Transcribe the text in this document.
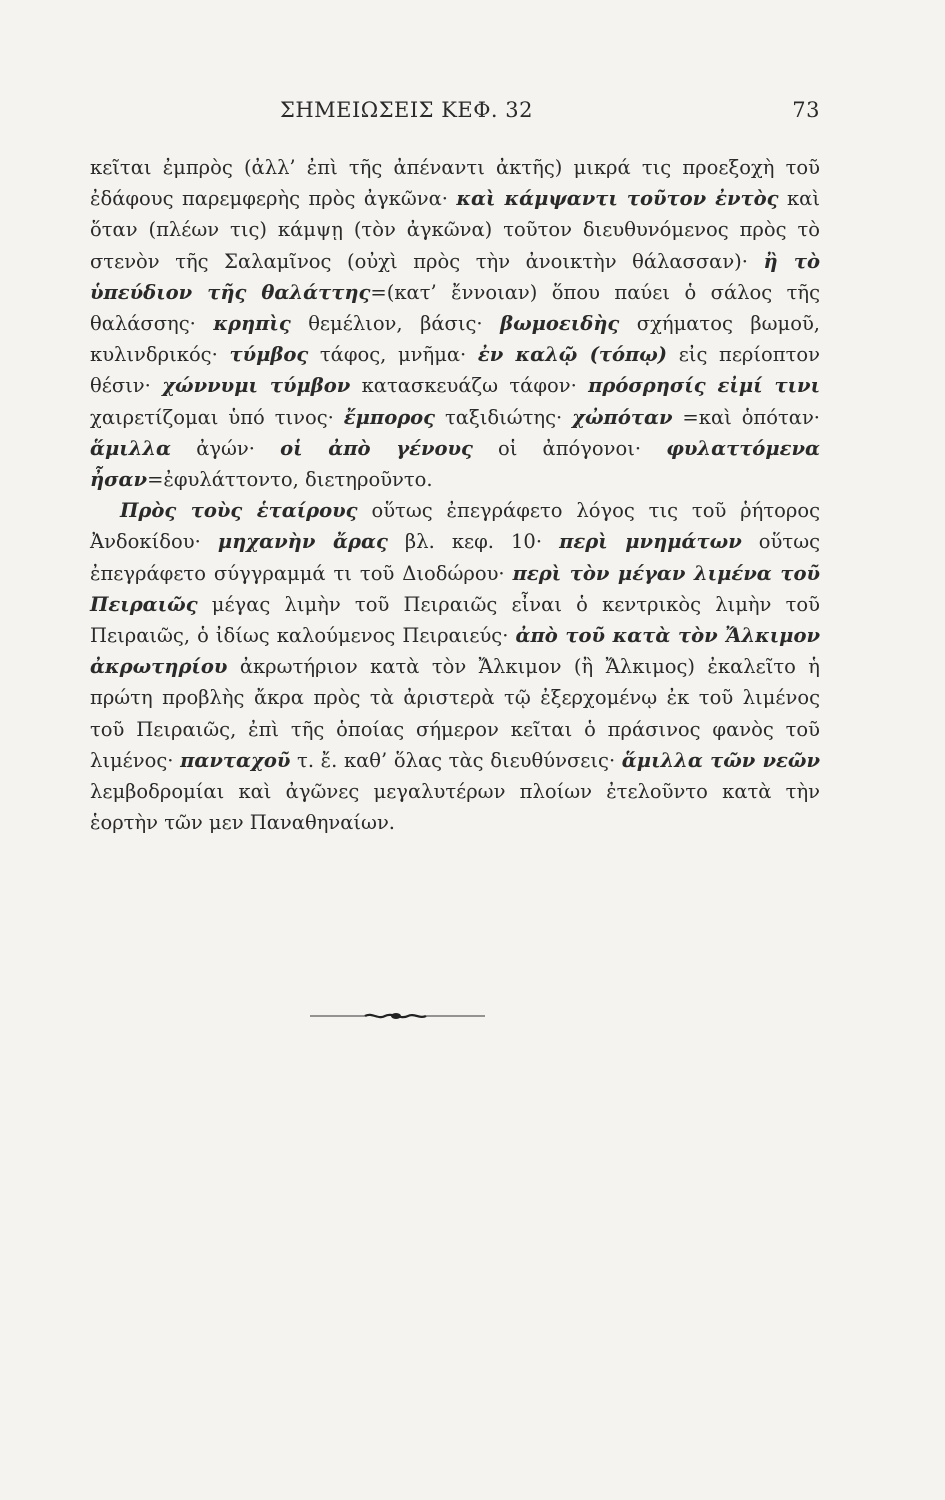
ΣΗΜΕΙΩΣΕΙΣ ΚΕΦ. 32	73

κεῖται ἐμπρὸς (ἀλλ’ ἐπὶ τῆς ἀπέναντι ἀκτῆς) μικρά τις προεξοχὴ τοῦ ἐδάφους παρεμφερὴς πρὸς ἀγκῶνα· καὶ κάμψαντι τοῦτον ἐντὸς καὶ ὅταν (πλέων τις) κάμψῃ (τὸν ἀγκῶνα) τοῦτον διευθυνόμενος πρὸς τὸ στενὸν τῆς Σαλαμῖνος (οὐχὶ πρὸς τὴν ἀνοικτὴν θάλασσαν)· ἢ τὸ ὑπεύδιον τῆς θαλάττης=(κατ’ ἔννοιαν) ὅπου παύει ὁ σάλος τῆς θαλάσσης· κρηπὶς θεμέλιον, βάσις· βωμοειδὴς σχήματος βωμοῦ, κυλινδρικός· τύμβος τάφος, μνῆμα· ἐν καλῷ (τόπῳ) εἰς περίοπτον θέσιν· χώννυμι τύμβον κατασκευάζω τάφον· πρόσρησίς εἰμί τινι χαιρετίζομαι ὑπό τινος· ἔμπορος ταξιδιώτης· χὠπόταν =καὶ ὁπόταν· ἅμιλλα ἀγών· οἱ ἀπὸ γένους οἱ ἀπόγονοι· φυλαττόμενα ἦσαν=ἐφυλάττοντο, διετηροῦντο.

Πρὸς τοὺς ἑταίρους οὕτως ἐπεγράφετο λόγος τις τοῦ ῥήτορος Ἀνδοκίδου· μηχανὴν ἄρας βλ. κεφ. 10· περὶ μνημάτων οὕτως ἐπεγράφετο σύγγραμμά τι τοῦ Διοδώρου· περὶ τὸν μέγαν λιμένα τοῦ Πειραιῶς μέγας λιμὴν τοῦ Πειραιῶς εἶναι ὁ κεντρικὸς λιμὴν τοῦ Πειραιῶς, ὁ ἰδίως καλούμενος Πειραιεύς· ἀπὸ τοῦ κατὰ τὸν Ἄλκιμον ἀκρωτηρίου ἀκρωτήριον κατὰ τὸν Ἄλκιμον (ἢ Ἄλκιμος) ἐκαλεῖτο ἡ πρώτη προβλὴς ἄκρα πρὸς τὰ ἀριστερὰ τῷ ἐξερχομένῳ ἐκ τοῦ λιμένος τοῦ Πειραιῶς, ἐπὶ τῆς ὁποίας σήμερον κεῖται ὁ πράσινος φανὸς τοῦ λιμένος· πανταχοῦ τ. ἔ. καθ’ ὅλας τὰς διευθύνσεις· ἅμιλλα τῶν νεῶν λεμβοδρομίαι καὶ ἀγῶνες μεγαλυτέρων πλοίων ἐτελοῦντο κατὰ τὴν ἑορτὴν τῶν μεν Παναθηναίων.
